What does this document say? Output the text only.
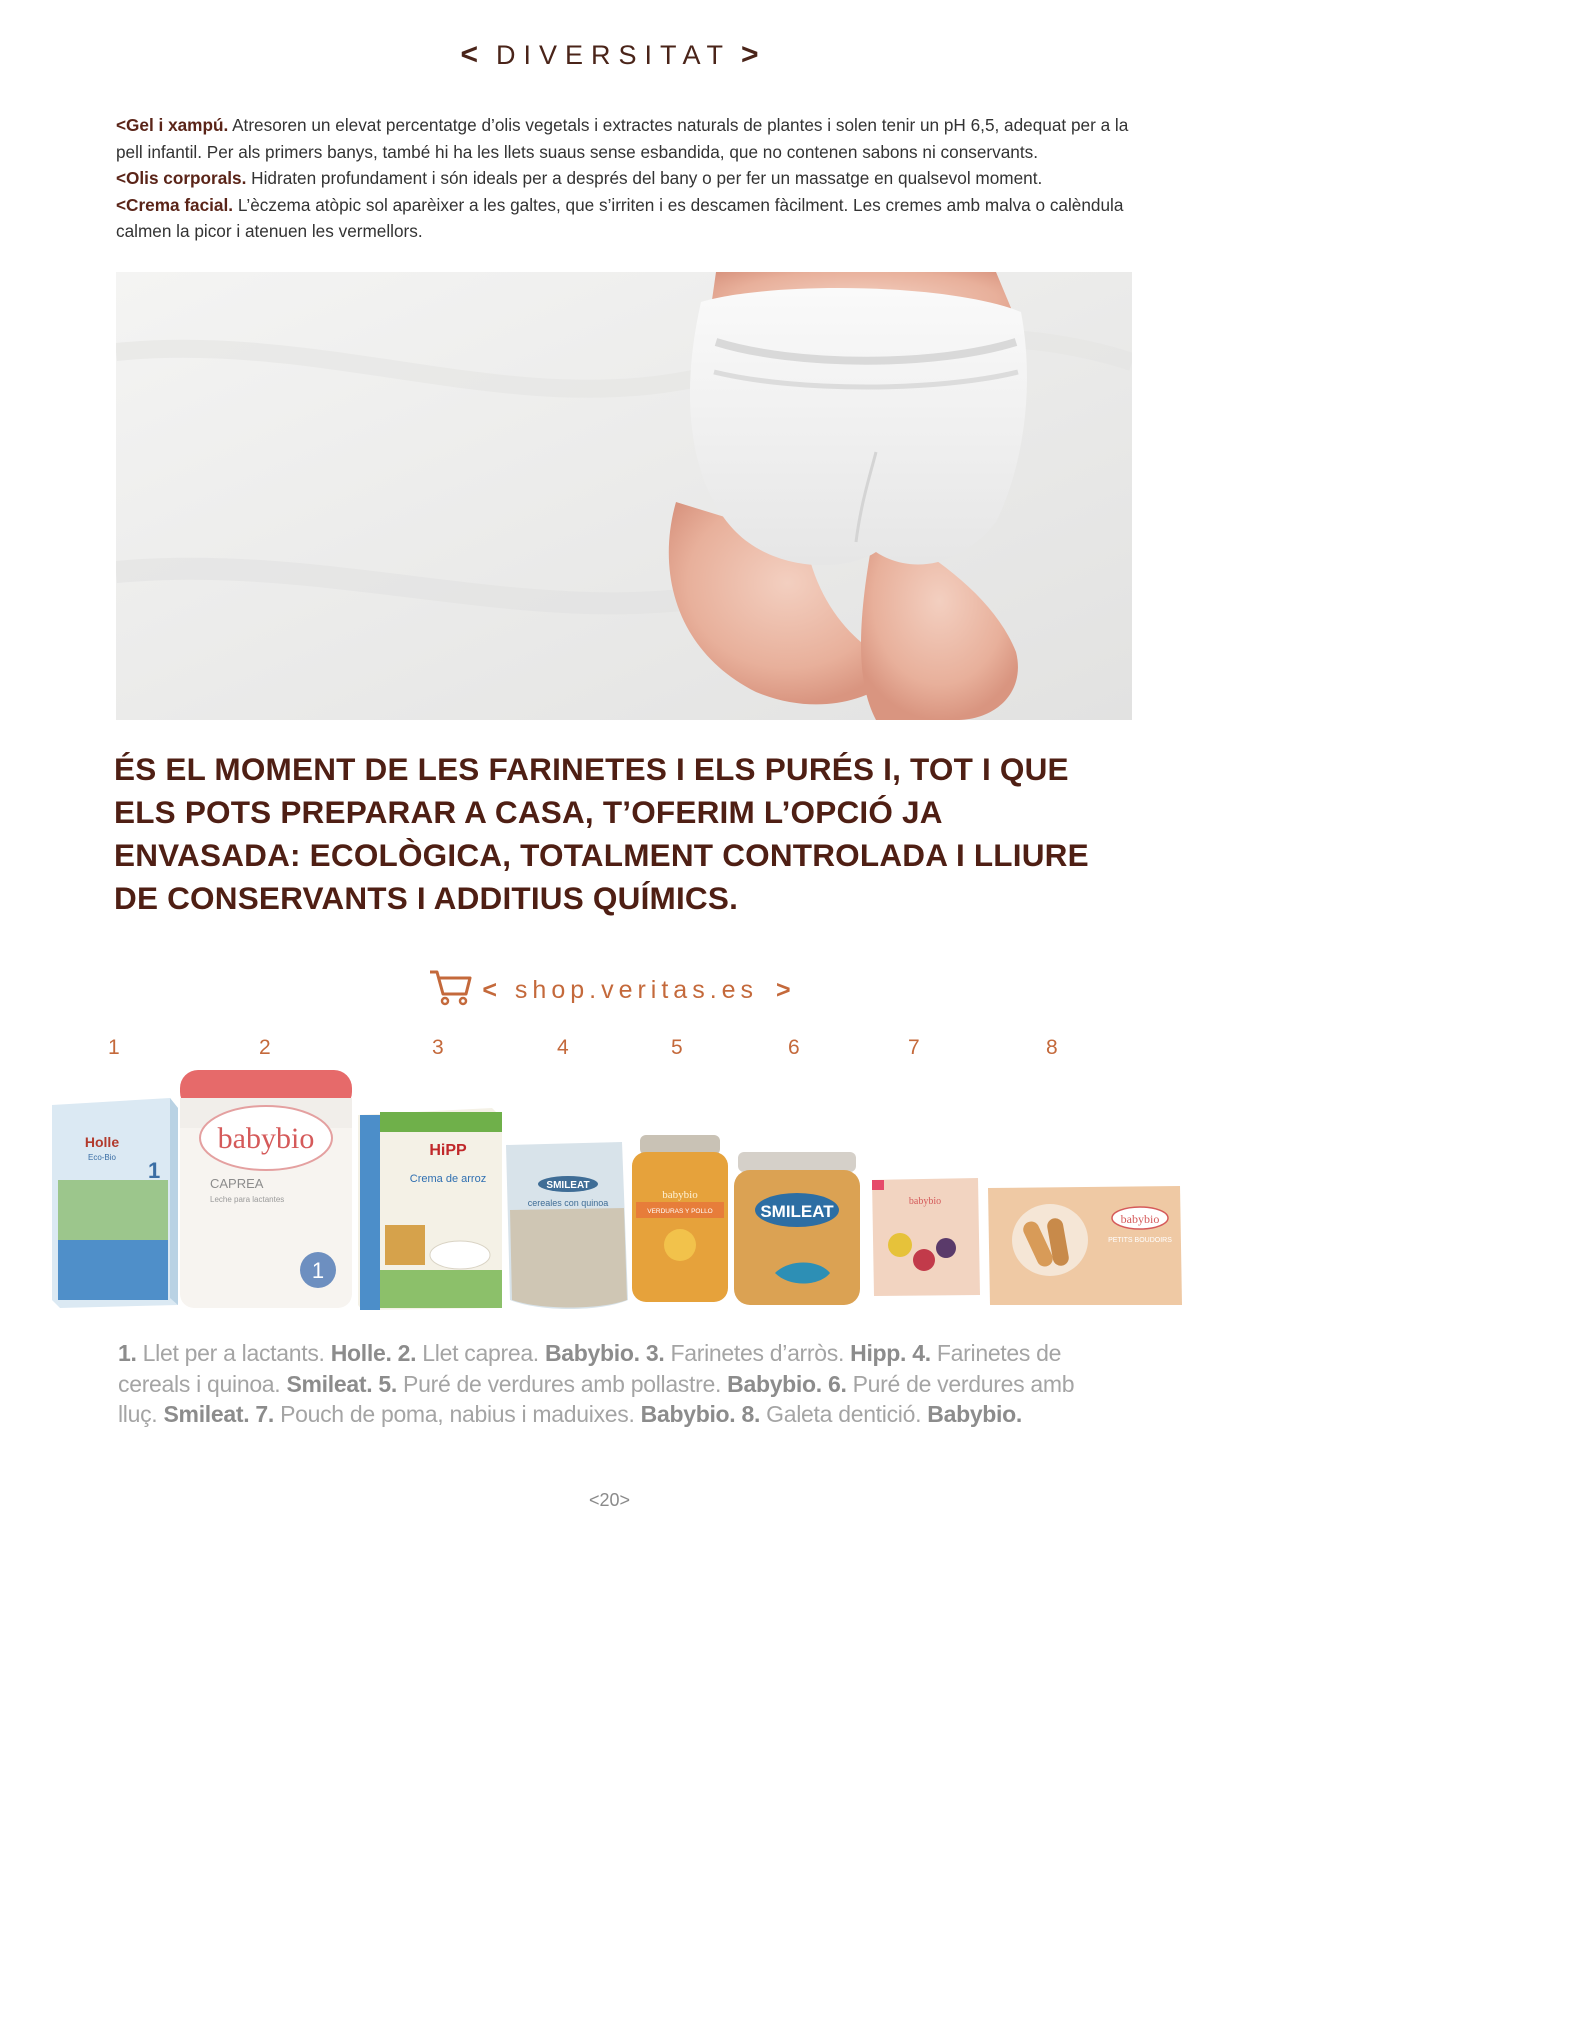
< DIVERSITAT >

<Gel i xampú. Atresoren un elevat percentatge d’olis vegetals i extractes naturals de plantes i solen tenir un pH 6,5, adequat per a la pell infantil. Per als primers banys, també hi ha les llets suaus sense esbandida, que no contenen sabons ni conservants.

<Olis corporals. Hidraten profundament i són ideals per a després del bany o per fer un massatge en qualsevol moment.

<Crema facial. L’èczema atòpic sol aparèixer a les galtes, que s’irriten i es descamen fàcilment. Les cremes amb malva o calèndula calmen la picor i atenuen les vermellors.

ÉS EL MOMENT DE LES FARINETES I ELS PURÉS I, TOT I QUE ELS POTS PREPARAR A CASA, T’OFERIM L’OPCIÓ JA ENVASADA: ECOLÒGICA, TOTALMENT CONTROLADA I LLIURE DE CONSERVANTS I ADDITIUS QUÍMICS.
< shop.veritas.es >
1	2	3	4	5	6	7	8
Holle
Eco-Bio
1
babybio
CAPREA
Leche para lactantes
1
HiPP
Crema de arroz
SMILEAT
cereales con quinoa
babybio
VERDURAS Y POLLO	SMILEAT
babybio
babybio
PETITS BOUDOIRS
1. Llet per a lactants. Holle. 2. Llet caprea. Babybio. 3. Farinetes d’arròs. Hipp. 4. Farinetes de cereals i quinoa. Smileat. 5. Puré de verdures amb pollastre. Babybio. 6. Puré de verdures amb lluç. Smileat. 7. Pouch de poma, nabius i maduixes. Babybio. 8. Galeta dentició. Babybio.
<20>
